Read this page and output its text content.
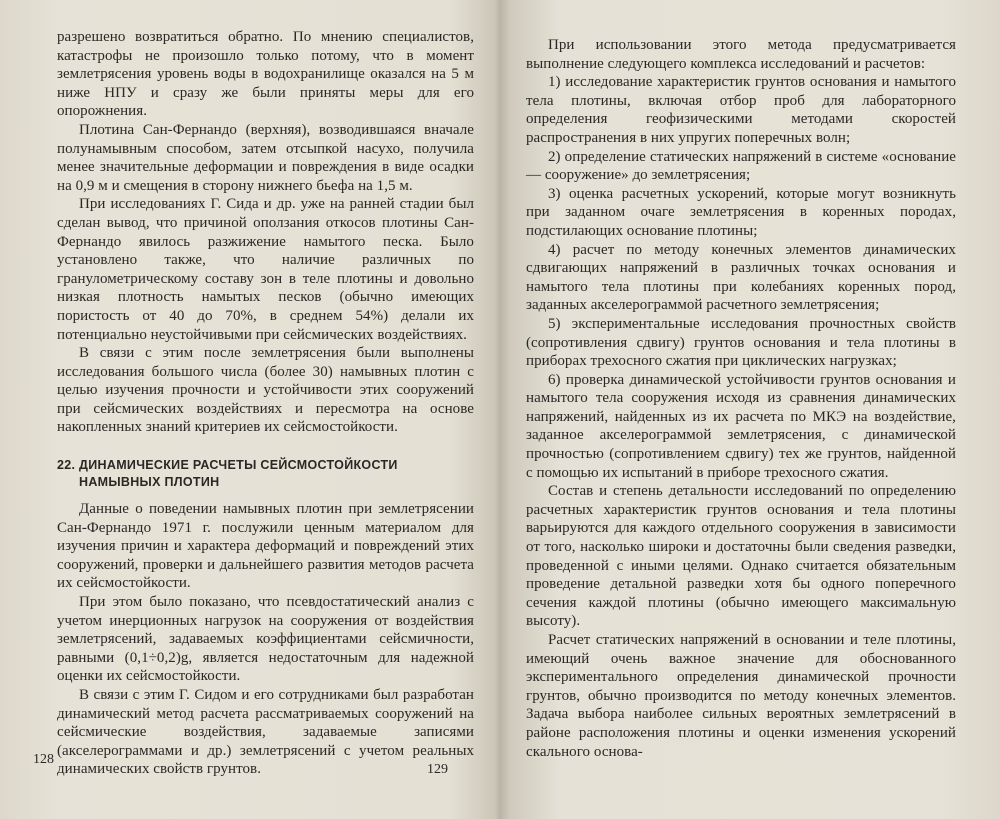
разрешено возвратиться обратно. По мнению специалистов, катастрофы не произошло только потому, что в момент землетрясения уровень воды в водохранилище оказался на 5 м ниже НПУ и сразу же были приняты меры для его опорожнения.

Плотина Сан-Фернандо (верхняя), возводившаяся вначале полунамывным способом, затем отсыпкой насухо, получила менее значительные деформации и повреждения в виде осадки на 0,9 м и смещения в сторону нижнего бьефа на 1,5 м.

При исследованиях Г. Сида и др. уже на ранней стадии был сделан вывод, что причиной оползания откосов плотины Сан-Фернандо явилось разжижение намытого песка. Было установлено также, что наличие различных по гранулометрическому составу зон в теле плотины и довольно низкая плотность намытых песков (обычно имеющих пористость от 40 до 70%, в среднем 54%) делали их потенциально неустойчивыми при сейсмических воздействиях.

В связи с этим после землетрясения были выполнены исследования большого числа (более 30) намывных плотин с целью изучения прочности и устойчивости этих сооружений при сейсмических воздействиях и пересмотра на основе накопленных знаний критериев их сейсмостойкости.

22. ДИНАМИЧЕСКИЕ РАСЧЕТЫ СЕЙСМОСТОЙКОСТИ
НАМЫВНЫХ ПЛОТИН

Данные о поведении намывных плотин при землетрясении Сан-Фернандо 1971 г. послужили ценным материалом для изучения причин и характера деформаций и повреждений этих сооружений, проверки и дальнейшего развития методов расчета их сейсмостойкости.

При этом было показано, что псевдостатический анализ с учетом инерционных нагрузок на сооружения от воздействия землетрясений, задаваемых коэффициентами сейсмичности, равными (0,1÷0,2)g, является недостаточным для надежной оценки их сейсмостойкости.

В связи с этим Г. Сидом и его сотрудниками был разработан динамический метод расчета рассматриваемых сооружений на сейсмические воздействия, задаваемые записями (акселерограммами и др.) землетрясений с учетом реальных динамических свойств грунтов.

128

При использовании этого метода предусматривается выполнение следующего комплекса исследований и расчетов:

1) исследование характеристик грунтов основания и намытого тела плотины, включая отбор проб для лабораторного определения геофизическими методами скоростей распространения в них упругих поперечных волн;

2) определение статических напряжений в системе «основание — сооружение» до землетрясения;

3) оценка расчетных ускорений, которые могут возникнуть при заданном очаге землетрясения в коренных породах, подстилающих основание плотины;

4) расчет по методу конечных элементов динамических сдвигающих напряжений в различных точках основания и намытого тела плотины при колебаниях коренных пород, заданных акселерограммой расчетного землетрясения;

5) экспериментальные исследования прочностных свойств (сопротивления сдвигу) грунтов основания и тела плотины в приборах трехосного сжатия при циклических нагрузках;

6) проверка динамической устойчивости грунтов основания и намытого тела сооружения исходя из сравнения динамических напряжений, найденных из их расчета по МКЭ на воздействие, заданное акселерограммой землетрясения, с динамической прочностью (сопротивлением сдвигу) тех же грунтов, найденной с помощью их испытаний в приборе трехосного сжатия.

Состав и степень детальности исследований по определению расчетных характеристик грунтов основания и тела плотины варьируются для каждого отдельного сооружения в зависимости от того, насколько широки и достаточны были сведения разведки, проведенной с иными целями. Однако считается обязательным проведение детальной разведки хотя бы одного поперечного сечения каждой плотины (обычно имеющего максимальную высоту).

Расчет статических напряжений в основании и теле плотины, имеющий очень важное значение для обоснованного экспериментального определения динамической прочности грунтов, обычно производится по методу конечных элементов. Задача выбора наиболее сильных вероятных землетрясений в районе расположения плотины и оценки изменения ускорений скального основа-

129
